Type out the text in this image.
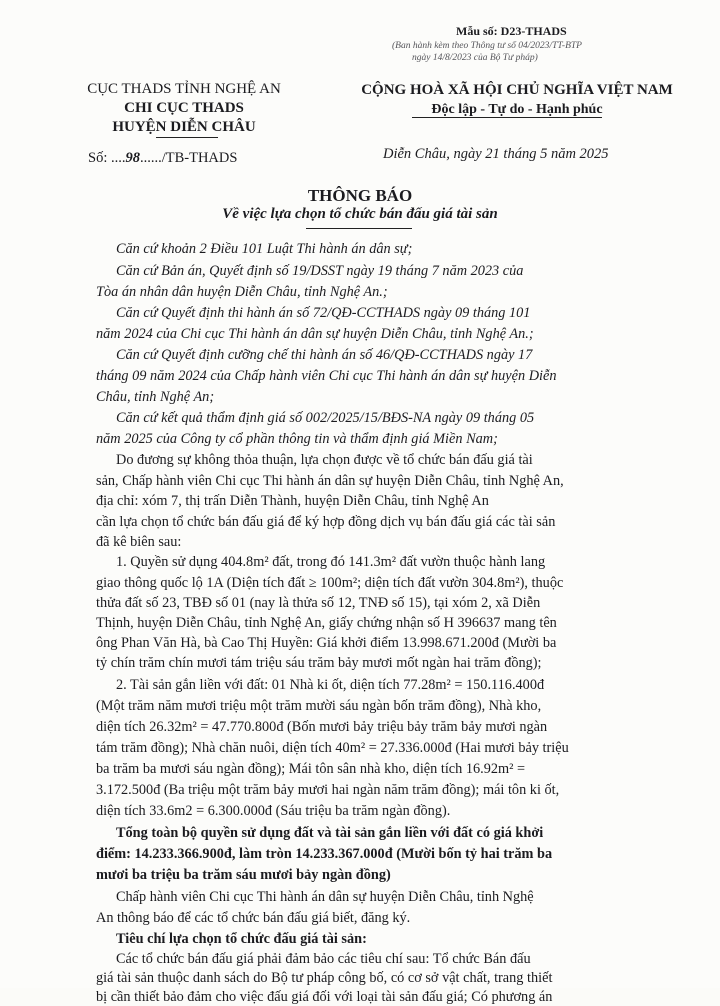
Mẫu số: D23-THADS
(Ban hành kèm theo Thông tư số 04/2023/TT-BTP
ngày 14/8/2023 của Bộ Tư pháp)
CỤC THADS TỈNH NGHỆ AN
CHI CỤC THADS
HUYỆN DIỄN CHÂU
CỘNG HOÀ XÃ HỘI CHỦ NGHĨA VIỆT NAM
Độc lập - Tự do - Hạnh phúc
Số: ....98....../TB-THADS	Diễn Châu, ngày 21 tháng 5 năm 2025
THÔNG BÁO
Về việc lựa chọn tổ chức bán đấu giá tài sản
Căn cứ khoản 2 Điều 101 Luật Thi hành án dân sự;
Căn cứ Bản án, Quyết định số 19/DSST ngày 19 tháng 7 năm 2023 của
Tòa án nhân dân huyện Diễn Châu, tỉnh Nghệ An.;
Căn cứ Quyết định thi hành án số 72/QĐ-CCTHADS ngày 09 tháng 101
năm 2024 của Chi cục Thi hành án dân sự huyện Diễn Châu, tỉnh Nghệ An.;
Căn cứ Quyết định cưỡng chế thi hành án số 46/QĐ-CCTHADS ngày 17
tháng 09 năm 2024 của Chấp hành viên Chi cục Thi hành án dân sự huyện Diễn
Châu, tỉnh Nghệ An;
Căn cứ kết quả thẩm định giá số 002/2025/15/BĐS-NA ngày 09 tháng 05
năm 2025 của Công ty cổ phần thông tin và thẩm định giá Miền Nam;
Do đương sự không thỏa thuận, lựa chọn được về tổ chức bán đấu giá tài
sản, Chấp hành viên Chi cục Thi hành án dân sự huyện Diễn Châu, tỉnh Nghệ An,
địa chỉ: xóm 7, thị trấn Diễn Thành, huyện Diễn Châu, tỉnh Nghệ An
cần lựa chọn tổ chức bán đấu giá để ký hợp đồng dịch vụ bán đấu giá các tài sản
đã kê biên sau:
1. Quyền sử dụng 404.8m² đất, trong đó 141.3m² đất vườn thuộc hành lang
giao thông quốc lộ 1A (Diện tích đất ≥ 100m²; diện tích đất vườn 304.8m²), thuộc
thửa đất số 23, TBĐ số 01 (nay là thửa số 12, TNĐ số 15), tại xóm 2, xã Diễn
Thịnh, huyện Diễn Châu, tỉnh Nghệ An, giấy chứng nhận số H 396637 mang tên
ông Phan Văn Hà, bà Cao Thị Huyền: Giá khởi điểm 13.998.671.200đ (Mười ba
tỷ chín trăm chín mươi tám triệu sáu trăm bảy mươi mốt ngàn hai trăm đồng);
2. Tài sản gắn liền với đất: 01 Nhà ki ốt, diện tích 77.28m² = 150.116.400đ
(Một trăm năm mươi triệu một trăm mười sáu ngàn bốn trăm đồng), Nhà kho,
diện tích 26.32m² = 47.770.800đ (Bốn mươi bảy triệu bảy trăm bảy mươi ngàn
tám trăm đồng); Nhà chăn nuôi, diện tích 40m² = 27.336.000đ (Hai mươi bảy triệu
ba trăm ba mươi sáu ngàn đồng); Mái tôn sân nhà kho, diện tích 16.92m² =
3.172.500đ (Ba triệu một trăm bảy mươi hai ngàn năm trăm đồng); mái tôn ki ốt,
diện tích 33.6m2 = 6.300.000đ (Sáu triệu ba trăm ngàn đồng).
Tổng toàn bộ quyền sử dụng đất và tài sản gắn liền với đất có giá khởi
điểm: 14.233.366.900đ, làm tròn 14.233.367.000đ (Mười bốn tỷ hai trăm ba
mươi ba triệu ba trăm sáu mươi bảy ngàn đồng)
Chấp hành viên Chi cục Thi hành án dân sự huyện Diễn Châu, tỉnh Nghệ
An thông báo để các tổ chức bán đấu giá biết, đăng ký.
Tiêu chí lựa chọn tổ chức đấu giá tài sản:
Các tổ chức bán đấu giá phải đảm bảo các tiêu chí sau: Tổ chức Bán đấu
giá tài sản thuộc danh sách do Bộ tư pháp công bố, có cơ sở vật chất, trang thiết
bị cần thiết bảo đảm cho việc đấu giá đối với loại tài sản đấu giá; Có phương án
